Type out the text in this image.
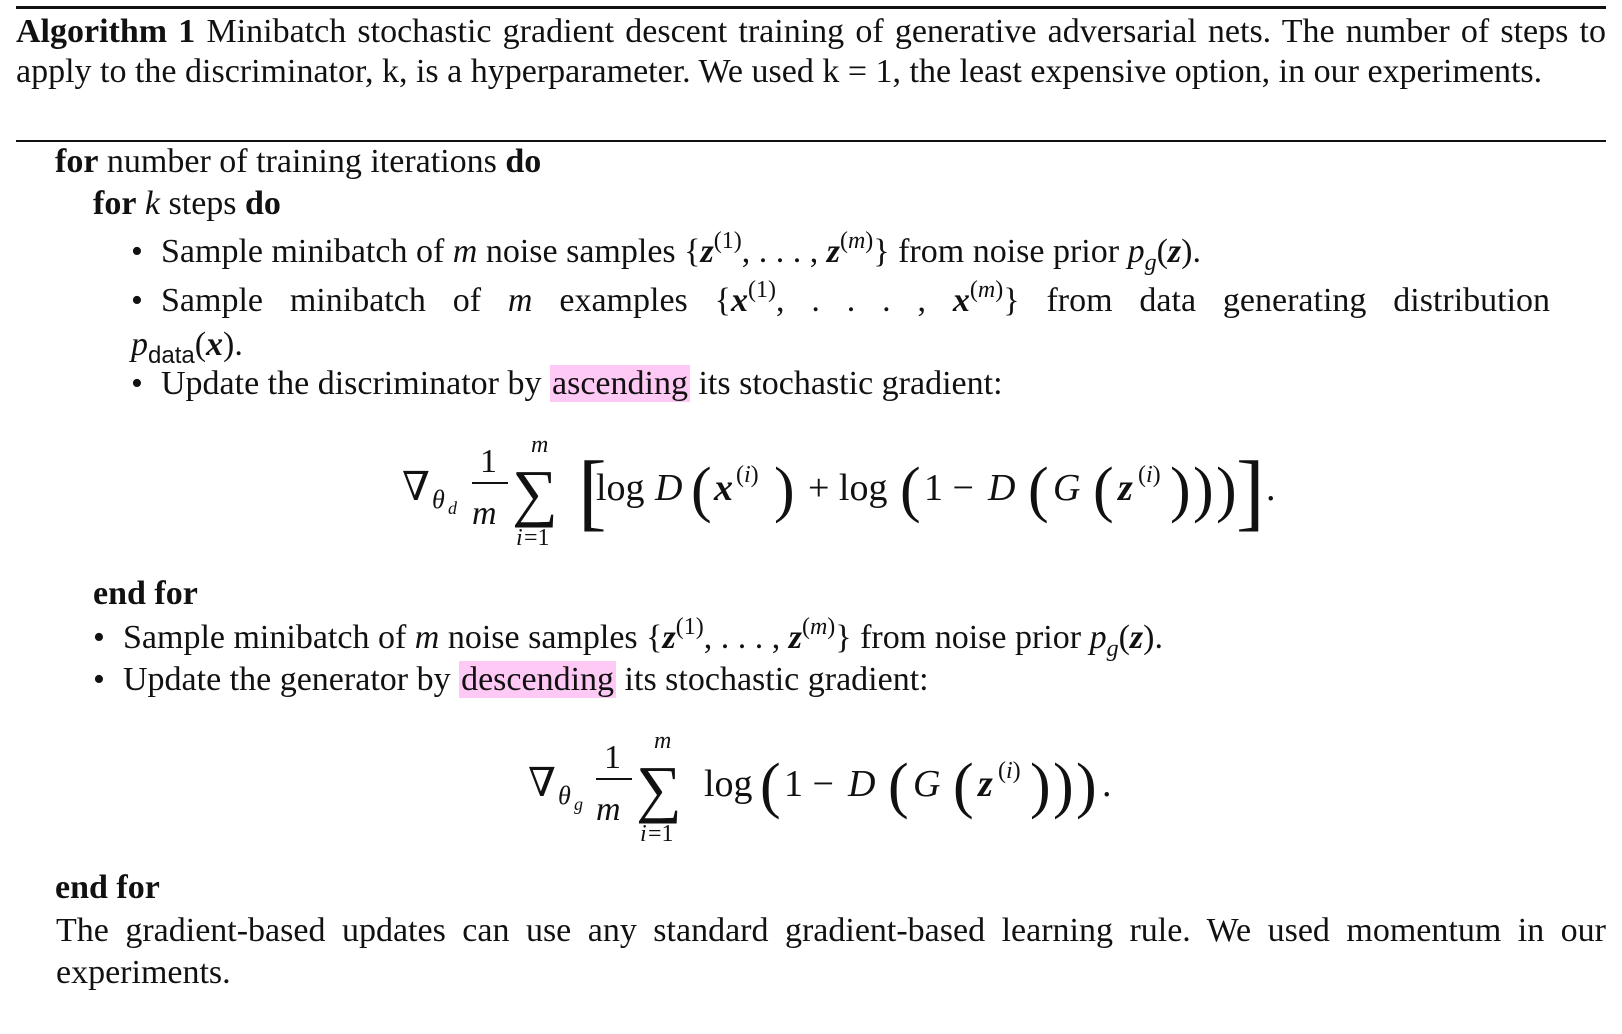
Algorithm 1 Minibatch stochastic gradient descent training of generative adversarial nets. The number of steps to apply to the discriminator, k, is a hyperparameter. We used k = 1, the least expensive option, in our experiments.
for number of training iterations do
for k steps do
• Sample minibatch of m noise samples {$z^{(1)}$, . . . , $z^{(m)}$} from noise prior $p_g(z)$.
• Sample minibatch of m examples {$x^{(1)}$, . . . , $x^{(m)}$} from data generating distribution
$p_{data}(x)$.
• Update the discriminator by ascending its stochastic gradient:
∇ θ d
1
m
m
∑
i =1 [
log D ( x (i) ) + log ( 1 − D ( G ( z (i) ) ) ) ] .
end for
• Sample minibatch of m noise samples {$z^{(1)}$, . . . , $z^{(m)}$} from noise prior $p_g(z)$.
• Update the generator by descending its stochastic gradient:
∇ θ g
1
m
m
∑
i =1
log ( 1 − D ( G ( z (i) ) ) ) .
end for
The gradient-based updates can use any standard gradient-based learning rule. We used momentum in our experiments.
